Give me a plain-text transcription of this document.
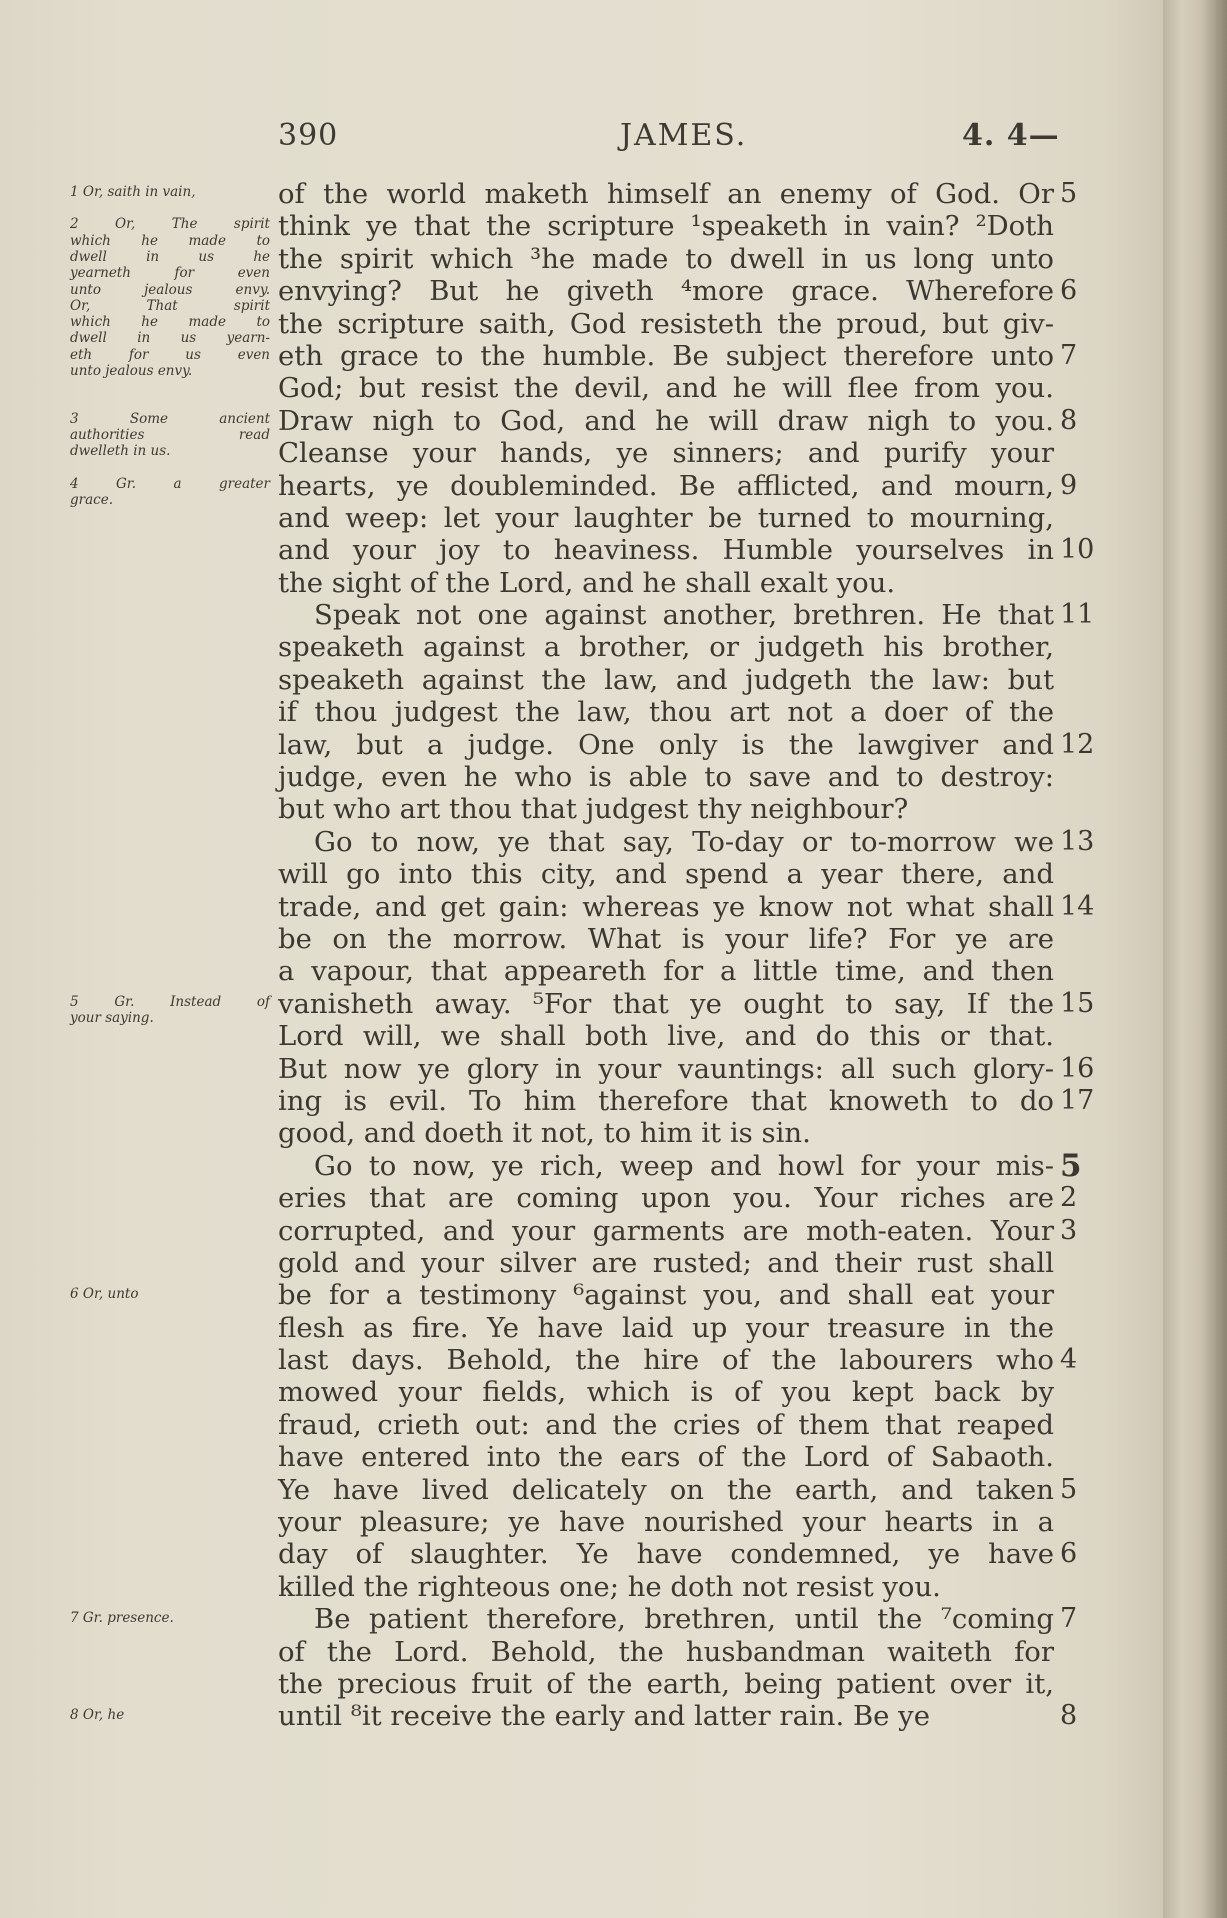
390	JAMES.	4. 4—
1 Or, saith in vain,
2 Or, The spirit
which he made to
dwell in us he
yearneth for even
unto jealous envy.
Or, That spirit
which he made to
dwell in us yearn-
eth for us even
unto jealous envy.
3 Some ancient
authorities read
dwelleth in us.
4 Gr. a greater
grace.
5 Gr. Instead of
your saying.
6 Or, unto
7 Gr. presence.
8 Or, he
of the world maketh himself an enemy of God. Or
think ye that the scripture ¹speaketh in vain? ²Doth
the spirit which ³he made to dwell in us long unto
envying? But he giveth ⁴more grace. Wherefore
the scripture saith, God resisteth the proud, but giv-
eth grace to the humble. Be subject therefore unto
God; but resist the devil, and he will flee from you.
Draw nigh to God, and he will draw nigh to you.
Cleanse your hands, ye sinners; and purify your
hearts, ye doubleminded. Be afflicted, and mourn,
and weep: let your laughter be turned to mourning,
and your joy to heaviness. Humble yourselves in
the sight of the Lord, and he shall exalt you.
Speak not one against another, brethren. He that
speaketh against a brother, or judgeth his brother,
speaketh against the law, and judgeth the law: but
if thou judgest the law, thou art not a doer of the
law, but a judge. One only is the lawgiver and
judge, even he who is able to save and to destroy:
but who art thou that judgest thy neighbour?
Go to now, ye that say, To-day or to-morrow we
will go into this city, and spend a year there, and
trade, and get gain: whereas ye know not what shall
be on the morrow. What is your life? For ye are
a vapour, that appeareth for a little time, and then
vanisheth away. ⁵For that ye ought to say, If the
Lord will, we shall both live, and do this or that.
But now ye glory in your vauntings: all such glory-
ing is evil. To him therefore that knoweth to do
good, and doeth it not, to him it is sin.
Go to now, ye rich, weep and howl for your mis-
eries that are coming upon you. Your riches are
corrupted, and your garments are moth-eaten. Your
gold and your silver are rusted; and their rust shall
be for a testimony ⁶against you, and shall eat your
flesh as fire. Ye have laid up your treasure in the
last days. Behold, the hire of the labourers who
mowed your fields, which is of you kept back by
fraud, crieth out: and the cries of them that reaped
have entered into the ears of the Lord of Sabaoth.
Ye have lived delicately on the earth, and taken
your pleasure; ye have nourished your hearts in a
day of slaughter. Ye have condemned, ye have
killed the righteous one; he doth not resist you.
Be patient therefore, brethren, until the ⁷coming
of the Lord. Behold, the husbandman waiteth for
the precious fruit of the earth, being patient over it,
until ⁸it receive the early and latter rain. Be ye
5
6
7
8
9
10
11
12
13
14
15
16
17
5
2
3
4
5
6
7
8
